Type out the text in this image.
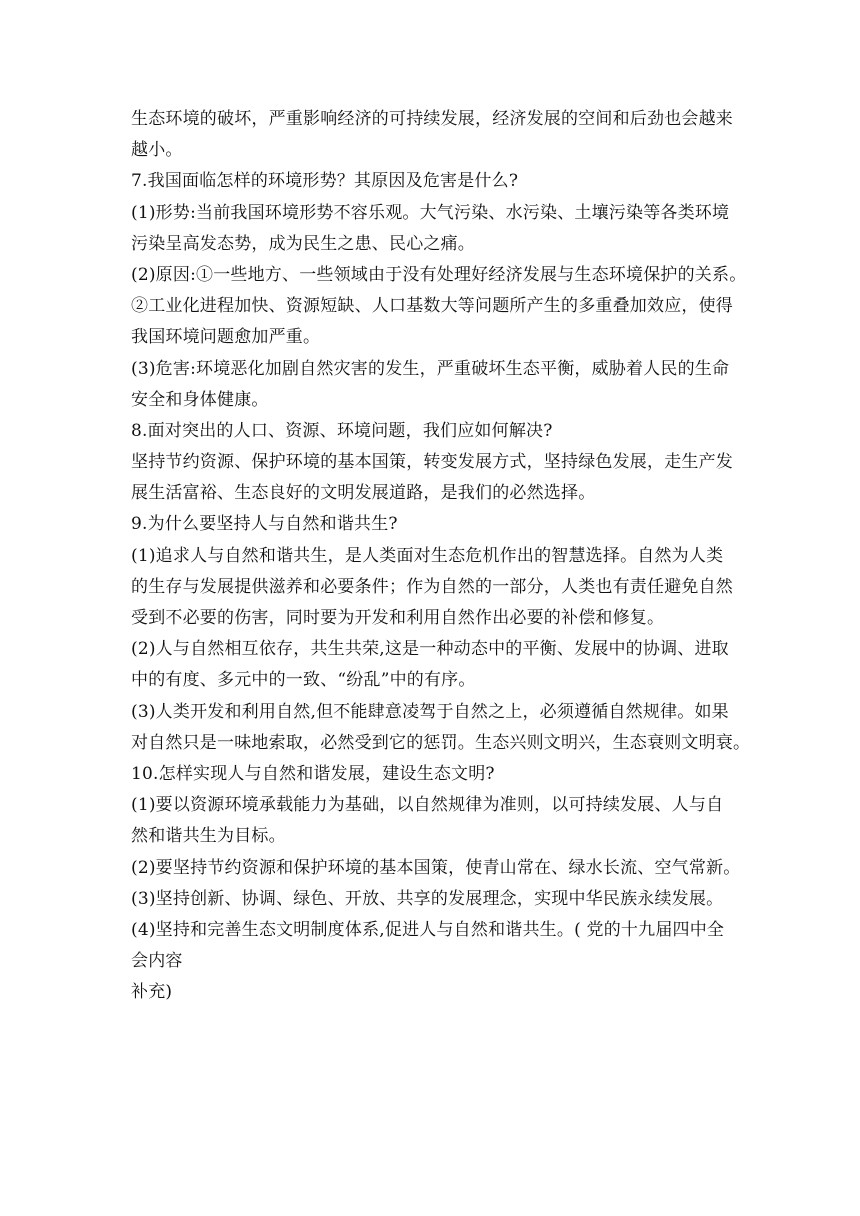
生态环境的破坏，严重影响经济的可持续发展，经济发展的空间和后劲也会越来
越小。
7.我国面临怎样的环境形势？其原因及危害是什么?
(1)形势:当前我国环境形势不容乐观。大气污染、水污染、土壤污染等各类环境
污染呈高发态势，成为民生之患、民心之痛。
(2)原因:①一些地方、一些领域由于没有处理好经济发展与生态环境保护的关系。
②工业化进程加快、资源短缺、人口基数大等问题所产生的多重叠加效应，使得
我国环境问题愈加严重。
(3)危害:环境恶化加剧自然灾害的发生，严重破坏生态平衡，威胁着人民的生命
安全和身体健康。
8.面对突出的人口、资源、环境问题，我们应如何解决?
坚持节约资源、保护环境的基本国策，转变发展方式，坚持绿色发展，走生产发
展生活富裕、生态良好的文明发展道路，是我们的必然选择。
9.为什么要坚持人与自然和谐共生?
(1)追求人与自然和谐共生，是人类面对生态危机作出的智慧选择。自然为人类
的生存与发展提供滋养和必要条件；作为自然的一部分，人类也有责任避免自然
受到不必要的伤害，同时要为开发和利用自然作出必要的补偿和修复。
(2)人与自然相互依存，共生共荣,这是一种动态中的平衡、发展中的协调、进取
中的有度、多元中的一致、“纷乱”中的有序。
(3)人类开发和利用自然,但不能肆意凌驾于自然之上，必须遵循自然规律。如果
对自然只是一味地索取，必然受到它的惩罚。生态兴则文明兴，生态衰则文明衰。
10.怎样实现人与自然和谐发展，建设生态文明?
(1)要以资源环境承载能力为基础，以自然规律为准则，以可持续发展、人与自
然和谐共生为目标。
(2)要坚持节约资源和保护环境的基本国策，使青山常在、绿水长流、空气常新。
(3)坚持创新、协调、绿色、开放、共享的发展理念，实现中华民族永续发展。
(4)坚持和完善生态文明制度体系,促进人与自然和谐共生。( 党的十九届四中全
会内容
补充)
